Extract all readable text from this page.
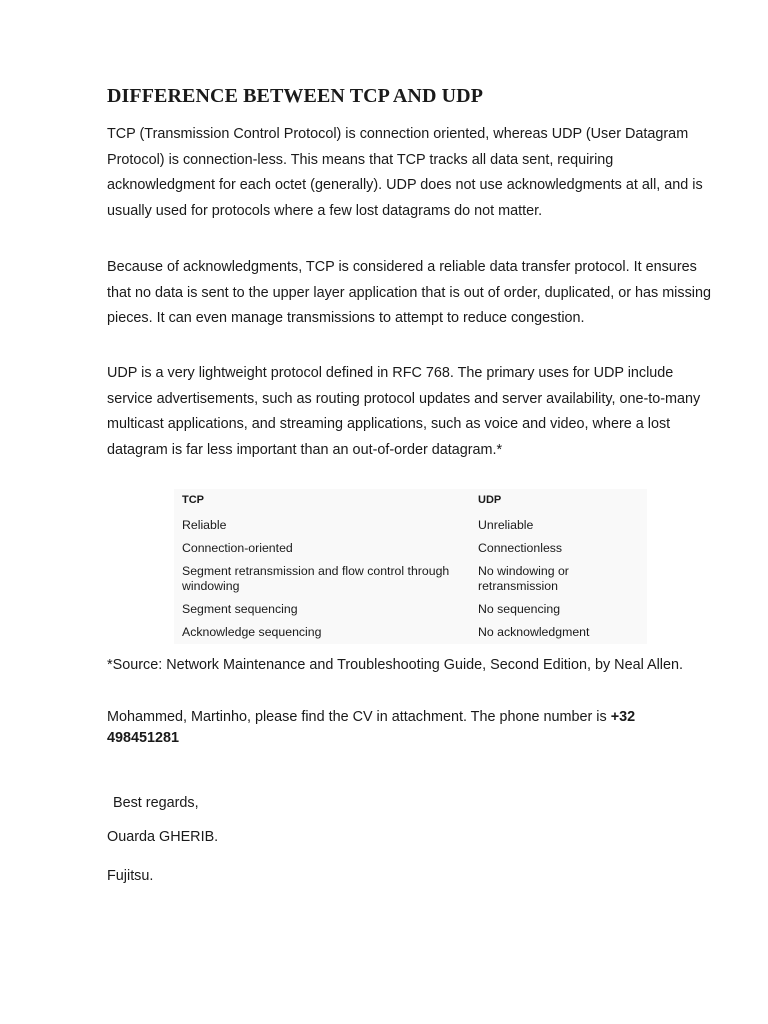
DIFFERENCE BETWEEN TCP AND UDP

TCP (Transmission Control Protocol) is connection oriented, whereas UDP (User Datagram
Protocol) is connection-less. This means that TCP tracks all data sent, requiring
acknowledgment for each octet (generally). UDP does not use acknowledgments at all, and is
usually used for protocols where a few lost datagrams do not matter.

Because of acknowledgments, TCP is considered a reliable data transfer protocol. It ensures
that no data is sent to the upper layer application that is out of order, duplicated, or has missing
pieces. It can even manage transmissions to attempt to reduce congestion.

UDP is a very lightweight protocol defined in RFC 768. The primary uses for UDP include
service advertisements, such as routing protocol updates and server availability, one-to-many
multicast applications, and streaming applications, such as voice and video, where a lost
datagram is far less important than an out-of-order datagram.*

TCP	UDP
Reliable	Unreliable
Connection-oriented	Connectionless
Segment retransmission and flow control through windowing	No windowing or retransmission
Segment sequencing	No sequencing
Acknowledge sequencing	No acknowledgment

*Source: Network Maintenance and Troubleshooting Guide, Second Edition, by Neal Allen.

Mohammed, Martinho, please find the CV in attachment. The phone number is +32
498451281

Best regards,

Ouarda GHERIB.

Fujitsu.
